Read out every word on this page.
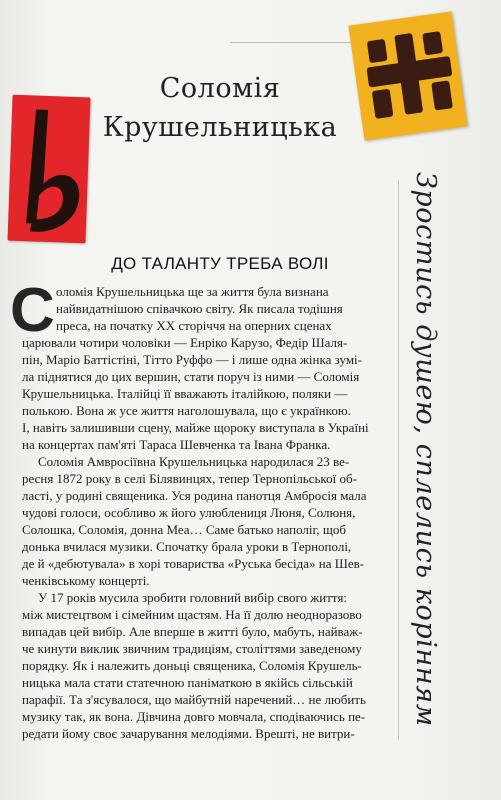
Соломія
Крушельницька
ДО ТАЛАНТУ ТРЕБА ВОЛІ
С оломія Крушельницька ще за життя була визнана
найвидатнішою співачкою світу. Як писала тодішня
преса, на початку XX сторіччя на оперних сценах
царювали чотири чоловіки — Енріко Карузо, Федір Шаля-
пін, Маріо Баттістіні, Тітто Руффо — і лише одна жінка зумі-
ла піднятися до цих вершин, стати поруч із ними — Соломія
Крушельницька. Італійці її вважають італійкою, поляки —
полькою. Вона ж усе життя наголошувала, що є українкою.
І, навіть залишивши сцену, майже щороку виступала в Україні
на концертах пам'яті Тараса Шевченка та Івана Франка.
Соломія Амвросіївна Крушельницька народилася 23 ве-
ресня 1872 року в селі Білявинцях, тепер Тернопільської об-
ласті, у родині священика. Уся родина панотця Амбросія мала
чудові голоси, особливо ж його улюблениця Люня, Солюня,
Солошка, Соломія, донна Меа… Саме батько наполіг, щоб
донька вчилася музики. Спочатку брала уроки в Тернополі,
де й «дебютувала» в хорі товариства «Руська бесіда» на Шев-
ченківському концерті.
У 17 років мусила зробити головний вибір свого життя:
між мистецтвом і сімейним щастям. На її долю неодноразово
випадав цей вибір. Але вперше в житті було, мабуть, найваж-
че кинути виклик звичним традиціям, століттями заведеному
порядку. Як і належить доньці священика, Соломія Крушель-
ницька мала стати статечною паніматкою в якійсь сільській
парафії. Та з'ясувалося, що майбутній наречений… не любить
музику так, як вона. Дівчина довго мовчала, сподіваючись пе-
редати йому своє зачарування мелодіями. Врешті, не витри-
Зростись душею, сплелись корінням
